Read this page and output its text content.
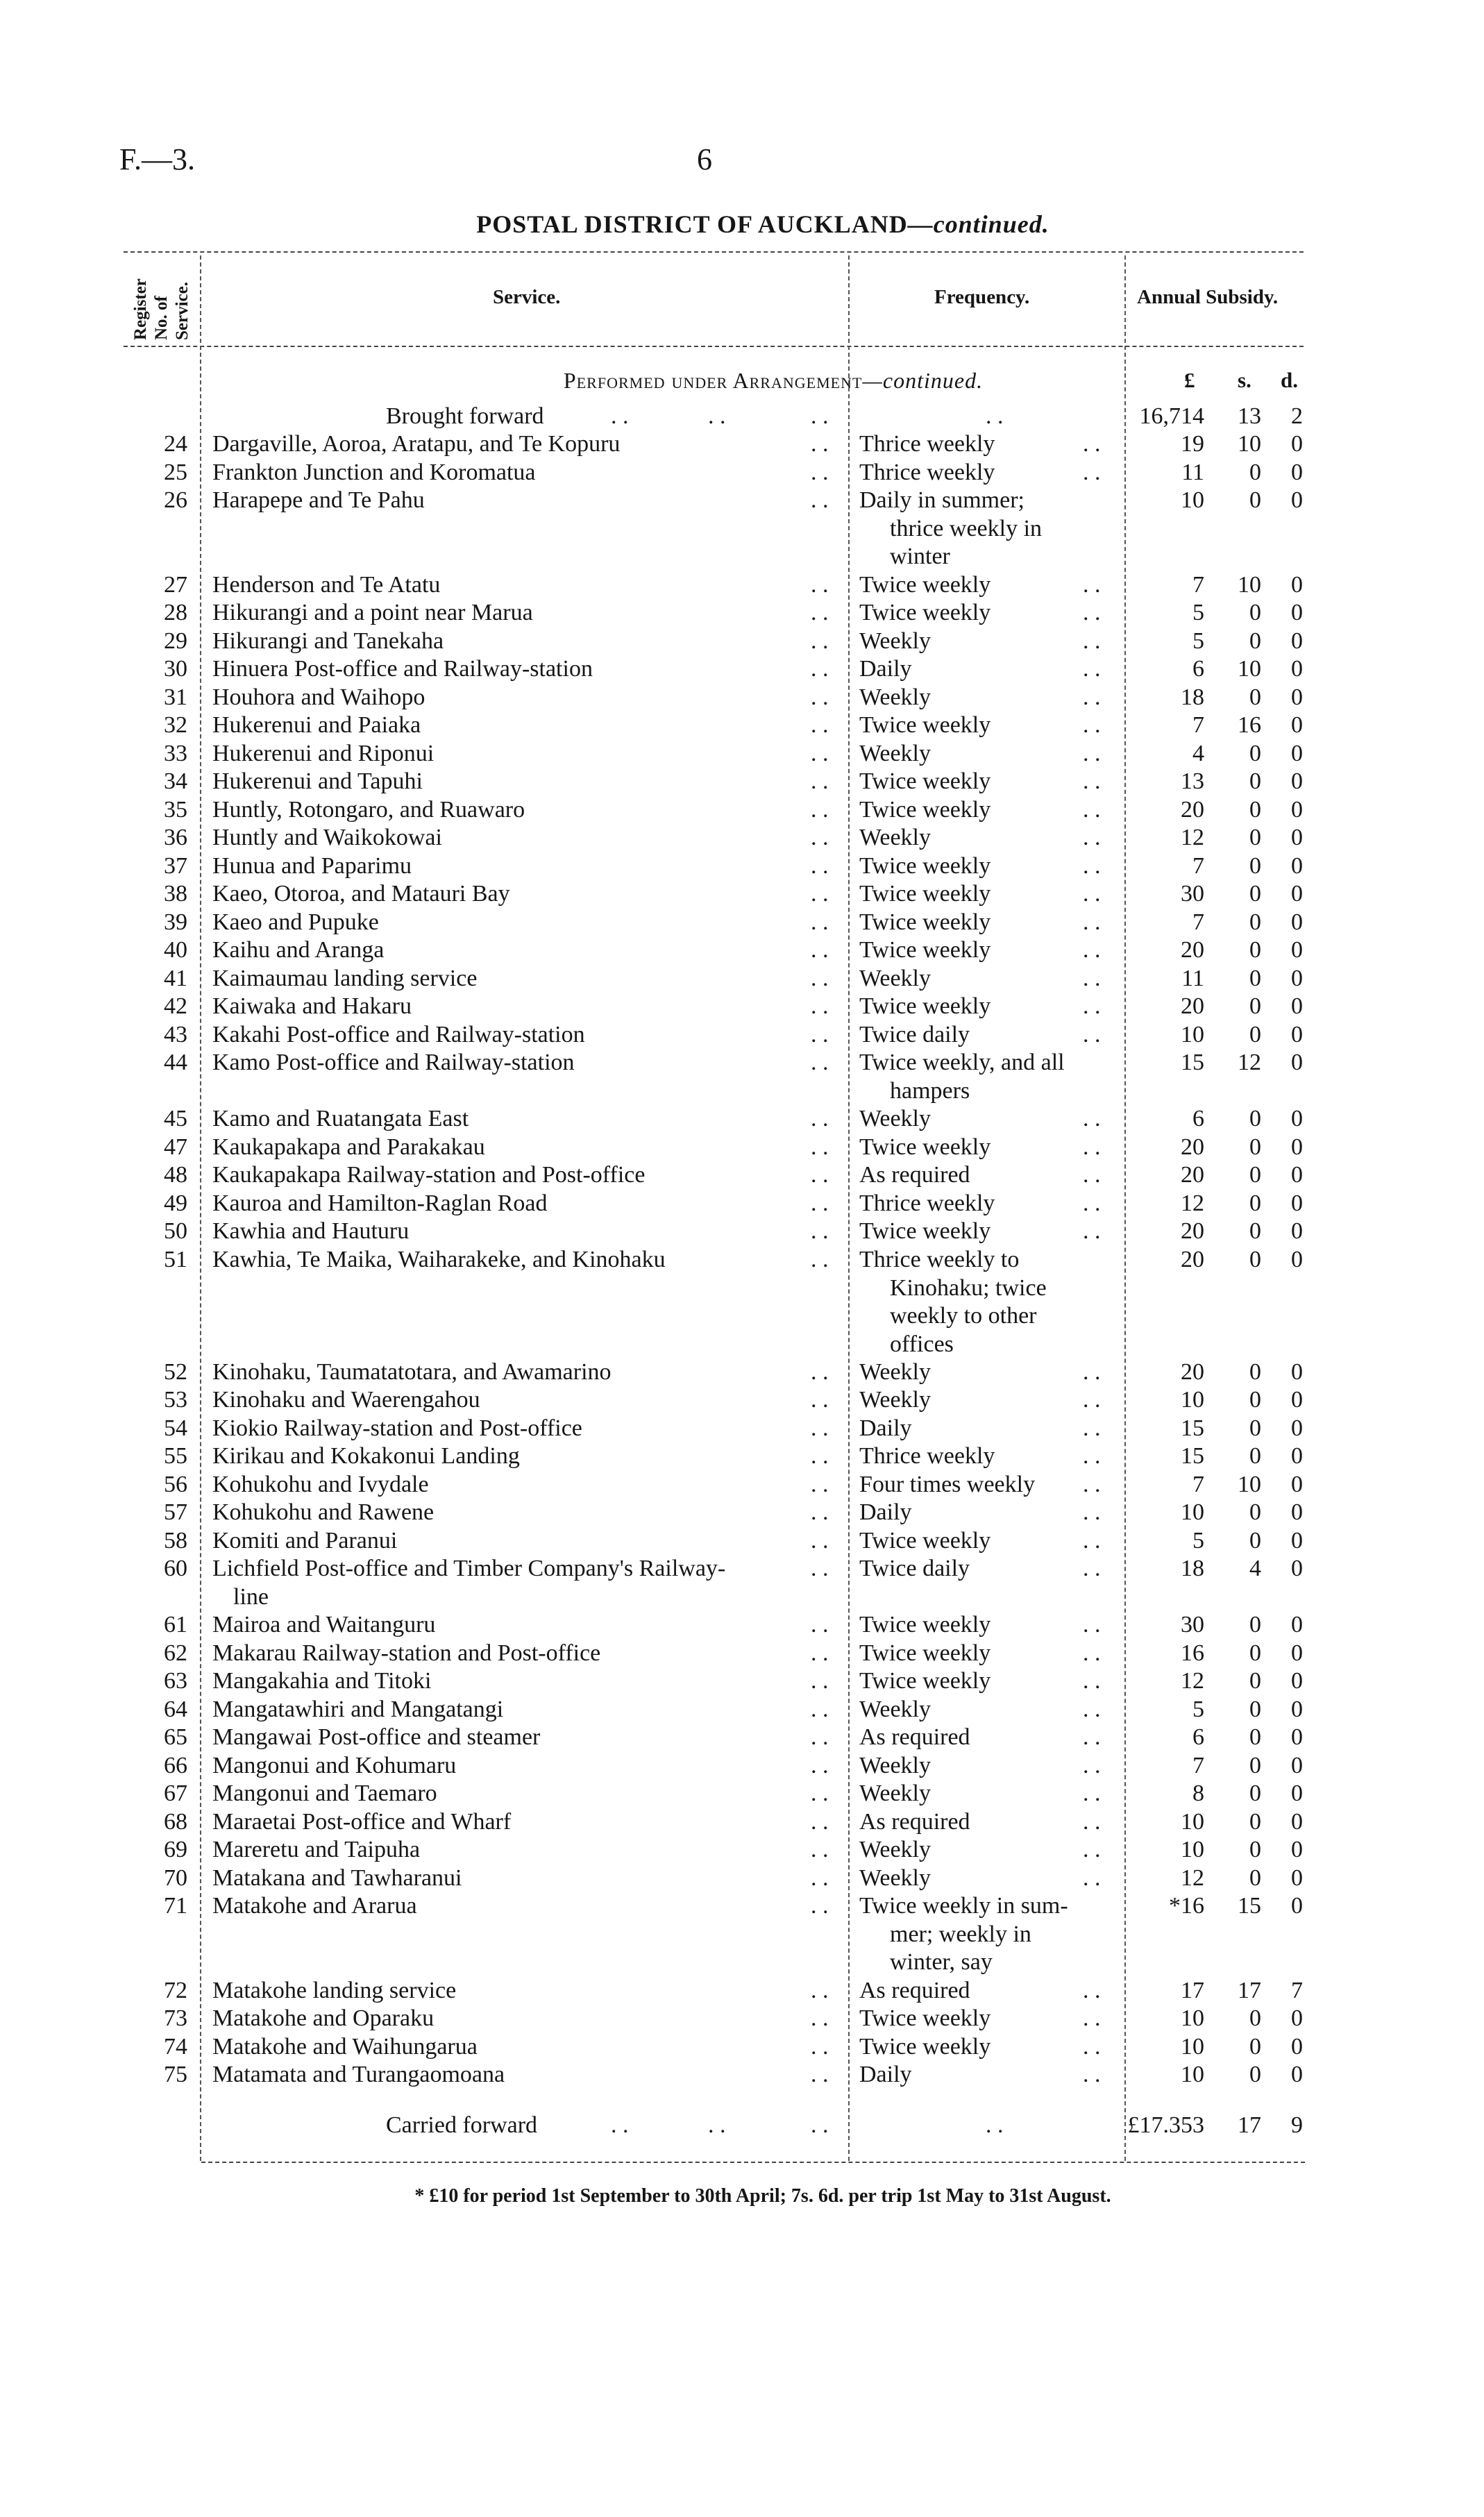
F.—3.	6
POSTAL DISTRICT OF AUCKLAND—continued.
Register No. of Service.	Service.	Frequency.	Annual Subsidy.
Performed under Arrangement—continued.	£ s. d.
Brought forward	. .	. .	. .	. .	16,714	13	2
24 Dargaville, Aoroa, Aratapu, and Te Kopuru	. . Thrice weekly	. .	19	10	0
25 Frankton Junction and Koromatua	. . Thrice weekly	. .	11	0	0
26 Harapepe and Te Pahu	. . Daily in summer;
thrice weekly in
winter
10	0	0
27 Henderson and Te Atatu	. . Twice weekly	. .	7	10	0
28 Hikurangi and a point near Marua	. . Twice weekly	. .	5	0	0
29 Hikurangi and Tanekaha	. . Weekly	. .	5	0	0
30 Hinuera Post-office and Railway-station	. . Daily	. .	6	10	0
31 Houhora and Waihopo	. . Weekly	. .	18	0	0
32 Hukerenui and Paiaka	. . Twice weekly	. .	7	16	0
33 Hukerenui and Riponui	. . Weekly	. .	4	0	0
34 Hukerenui and Tapuhi	. . Twice weekly	. .	13	0	0
35 Huntly, Rotongaro, and Ruawaro	. . Twice weekly	. .	20	0	0
36 Huntly and Waikokowai	. . Weekly	. .	12	0	0
37 Hunua and Paparimu	. . Twice weekly	. .	7	0	0
38 Kaeo, Otoroa, and Matauri Bay	. . Twice weekly	. .	30	0	0
39 Kaeo and Pupuke	. . Twice weekly	. .	7	0	0
40 Kaihu and Aranga	. . Twice weekly	. .	20	0	0
41 Kaimaumau landing service	. . Weekly	. .	11	0	0
42 Kaiwaka and Hakaru	. . Twice weekly	. .	20	0	0
43 Kakahi Post-office and Railway-station	. . Twice daily	. .	10	0	0
44 Kamo Post-office and Railway-station	. . Twice weekly, and all
hampers
15	12	0
45 Kamo and Ruatangata East	. . Weekly	. .	6	0	0
47 Kaukapakapa and Parakakau	. . Twice weekly	. .	20	0	0
48 Kaukapakapa Railway-station and Post-office	. . As required	. .	20	0	0
49 Kauroa and Hamilton-Raglan Road	. . Thrice weekly	. .	12	0	0
50 Kawhia and Hauturu	. . Twice weekly	. .	20	0	0
51 Kawhia, Te Maika, Waiharakeke, and Kinohaku	. . Thrice weekly to
Kinohaku; twice
weekly to other
offices
20	0	0
52 Kinohaku, Taumatatotara, and Awamarino	. . Weekly	. .	20	0	0
53 Kinohaku and Waerengahou	. . Weekly	. .	10	0	0
54 Kiokio Railway-station and Post-office	. . Daily	. .	15	0	0
55 Kirikau and Kokakonui Landing	. . Thrice weekly	. .	15	0	0
56 Kohukohu and Ivydale	. . Four times weekly . .	7	10	0
57 Kohukohu and Rawene	. . Daily	. .	10	0	0
58 Komiti and Paranui	. . Twice weekly	. .	5	0	0
60 Lichfield Post-office and Timber Company's Railway-
line
. . Twice daily	. .	18	4	0
61 Mairoa and Waitanguru	. . Twice weekly	. .	30	0	0
62 Makarau Railway-station and Post-office	. . Twice weekly	. .	16	0	0
63 Mangakahia and Titoki	. . Twice weekly	. .	12	0	0
64 Mangatawhiri and Mangatangi	. . Weekly	. .	5	0	0
65 Mangawai Post-office and steamer	. . As required	. .	6	0	0
66 Mangonui and Kohumaru	. . Weekly	. .	7	0	0
67 Mangonui and Taemaro	. . Weekly	. .	8	0	0
68 Maraetai Post-office and Wharf	. . As required	. .	10	0	0
69 Mareretu and Taipuha	. . Weekly	. .	10	0	0
70 Matakana and Tawharanui	. . Weekly	. .	12	0	0
71 Matakohe and Ararua	. . Twice weekly in sum-
mer; weekly in
winter, say
*16	15	0
72 Matakohe landing service	. . As required	. .	17	17	7
73 Matakohe and Oparaku	. . Twice weekly	. .	10	0	0
74 Matakohe and Waihungarua	. . Twice weekly	. .	10	0	0
75 Matamata and Turangaomoana	. . Daily	. .	10	0	0
Carried forward	. .	. .	. .	. .	£17.353	17	9
* £10 for period 1st September to 30th April; 7s. 6d. per trip 1st May to 31st August.
